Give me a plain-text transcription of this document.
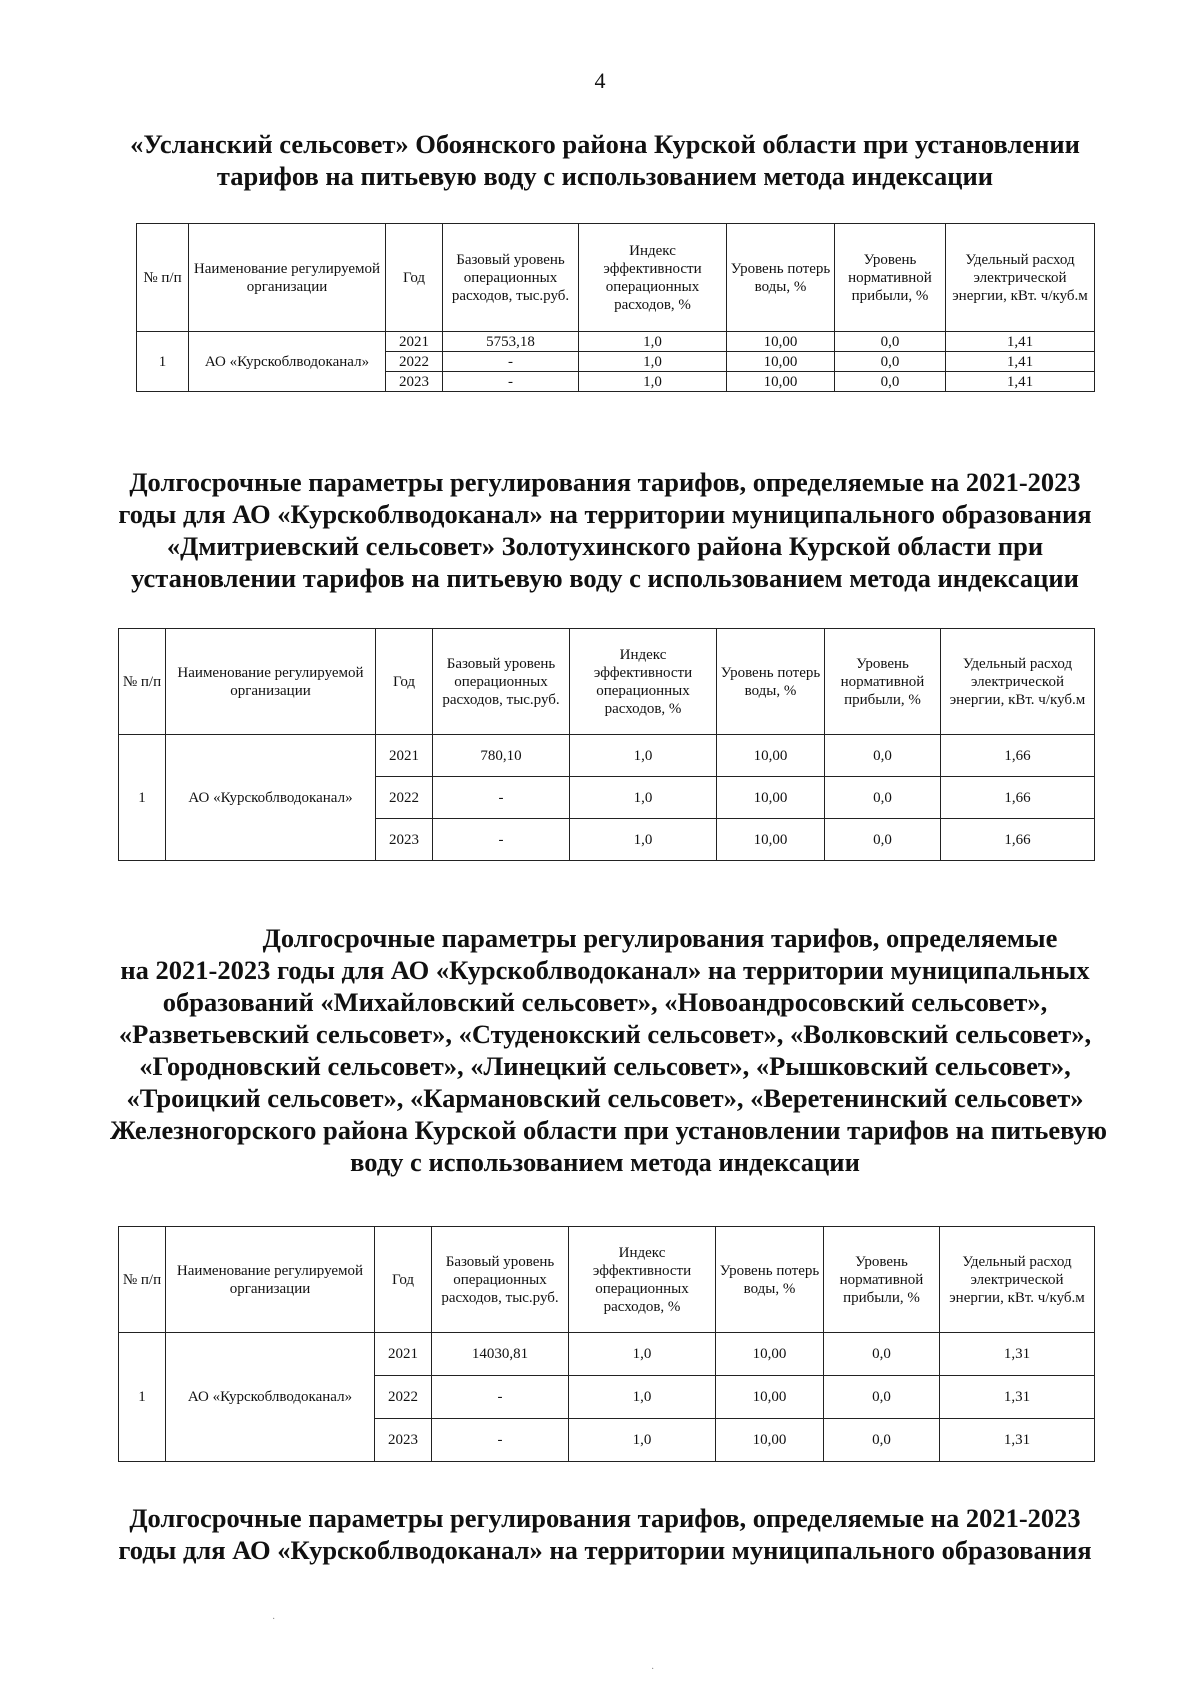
4
«Усланский сельсовет» Обоянского района Курской области при установлении
тарифов на питьевую воду с использованием метода индексации
№ п/п	Наименование регулируемой организации	Год	Базовый уровень операционных расходов, тыс.руб.	Индекс эффективности операционных расходов, %	Уровень потерь воды, %	Уровень нормативной прибыли, %	Удельный расход электрической энергии, кВт. ч/куб.м
1	АО «Курскоблводоканал»	2021	5753,18	1,0	10,00	0,0	1,41
		2022	-	1,0	10,00	0,0	1,41
		2023	-	1,0	10,00	0,0	1,41
Долгосрочные параметры регулирования тарифов, определяемые на 2021-2023
годы для АО «Курскоблводоканал» на территории муниципального образования
«Дмитриевский сельсовет» Золотухинского района Курской области при
установлении тарифов на питьевую воду с использованием метода индексации
№ п/п	Наименование регулируемой организации	Год	Базовый уровень операционных расходов, тыс.руб.	Индекс эффективности операционных расходов, %	Уровень потерь воды, %	Уровень нормативной прибыли, %	Удельный расход электрической энергии, кВт. ч/куб.м
1	АО «Курскоблводоканал»	2021	780,10	1,0	10,00	0,0	1,66
		2022	-	1,0	10,00	0,0	1,66
		2023	-	1,0	10,00	0,0	1,66
Долгосрочные параметры регулирования тарифов, определяемые
на 2021-2023 годы для АО «Курскоблводоканал» на территории муниципальных
образований «Михайловский сельсовет», «Новоандросовский сельсовет»,
«Разветьевский сельсовет», «Студенокский сельсовет», «Волковский сельсовет»,
«Городновский сельсовет», «Линецкий сельсовет», «Рышковский сельсовет»,
«Троицкий сельсовет», «Кармановский сельсовет», «Веретенинский сельсовет»
Железногорского района Курской области при установлении тарифов на питьевую
воду с использованием метода индексации
№ п/п	Наименование регулируемой организации	Год	Базовый уровень операционных расходов, тыс.руб.	Индекс эффективности операционных расходов, %	Уровень потерь воды, %	Уровень нормативной прибыли, %	Удельный расход электрической энергии, кВт. ч/куб.м
1	АО «Курскоблводоканал»	2021	14030,81	1,0	10,00	0,0	1,31
		2022	-	1,0	10,00	0,0	1,31
		2023	-	1,0	10,00	0,0	1,31
Долгосрочные параметры регулирования тарифов, определяемые на 2021-2023
годы для АО «Курскоблводоканал» на территории муниципального образования
·
·
